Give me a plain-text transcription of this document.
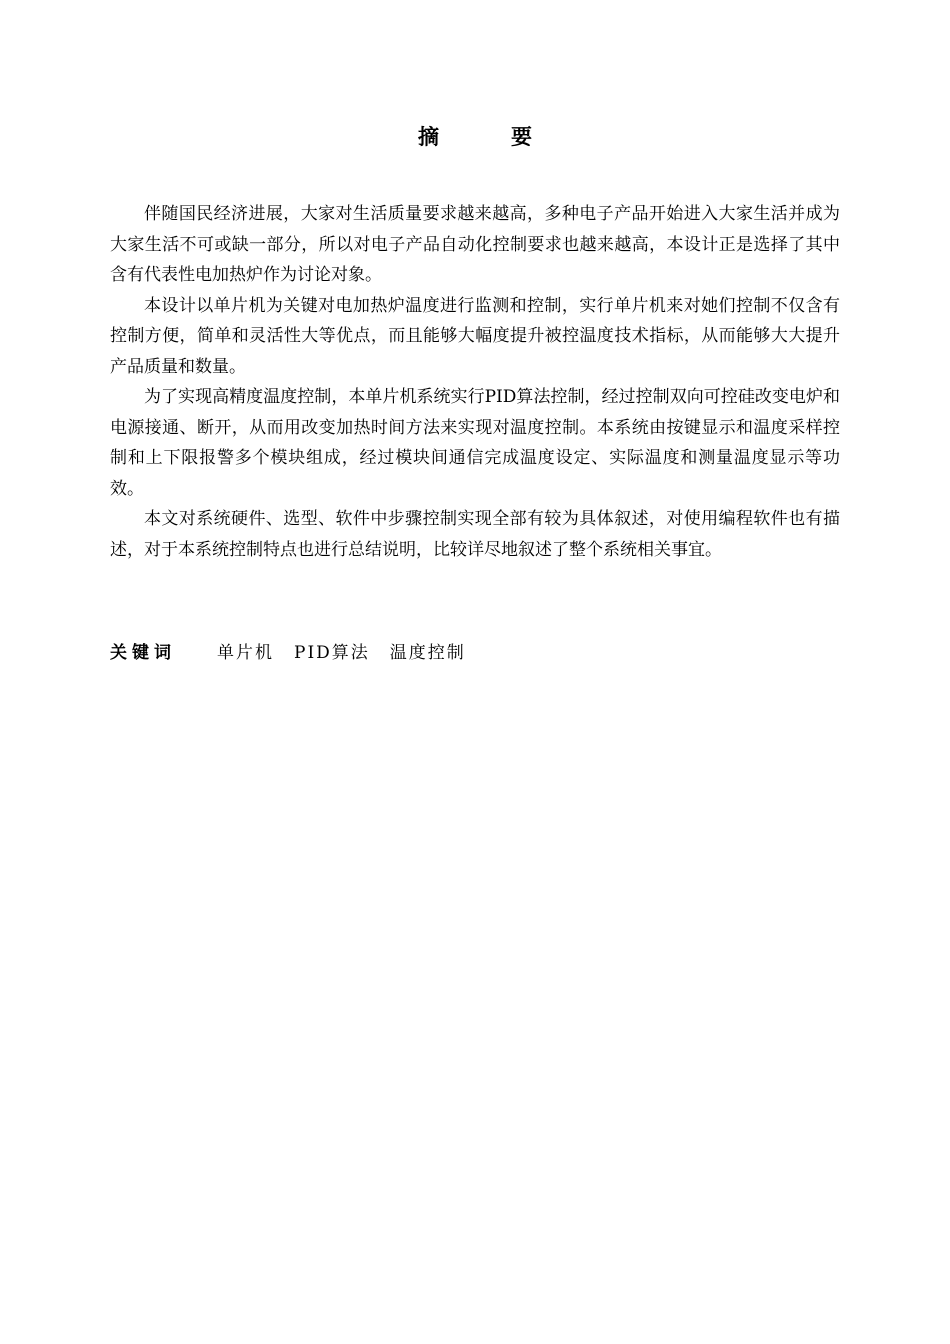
摘	要

伴随国民经济进展，大家对生活质量要求越来越高，多种电子产品开始进入大家生活并成为大家生活不可或缺一部分，所以对电子产品自动化控制要求也越来越高，本设计正是选择了其中含有代表性电加热炉作为讨论对象。

本设计以单片机为关键对电加热炉温度进行监测和控制，实行单片机来对她们控制不仅含有控制方便，简单和灵活性大等优点，而且能够大幅度提升被控温度技术指标，从而能够大大提升产品质量和数量。

为了实现高精度温度控制，本单片机系统实行PID算法控制，经过控制双向可控硅改变电炉和电源接通、断开，从而用改变加热时间方法来实现对温度控制。本系统由按键显示和温度采样控制和上下限报警多个模块组成，经过模块间通信完成温度设定、实际温度和测量温度显示等功效。

本文对系统硬件、选型、软件中步骤控制实现全部有较为具体叙述，对使用编程软件也有描述，对于本系统控制特点也进行总结说明，比较详尽地叙述了整个系统相关事宜。

关键词 单片机 PID算法 温度控制
